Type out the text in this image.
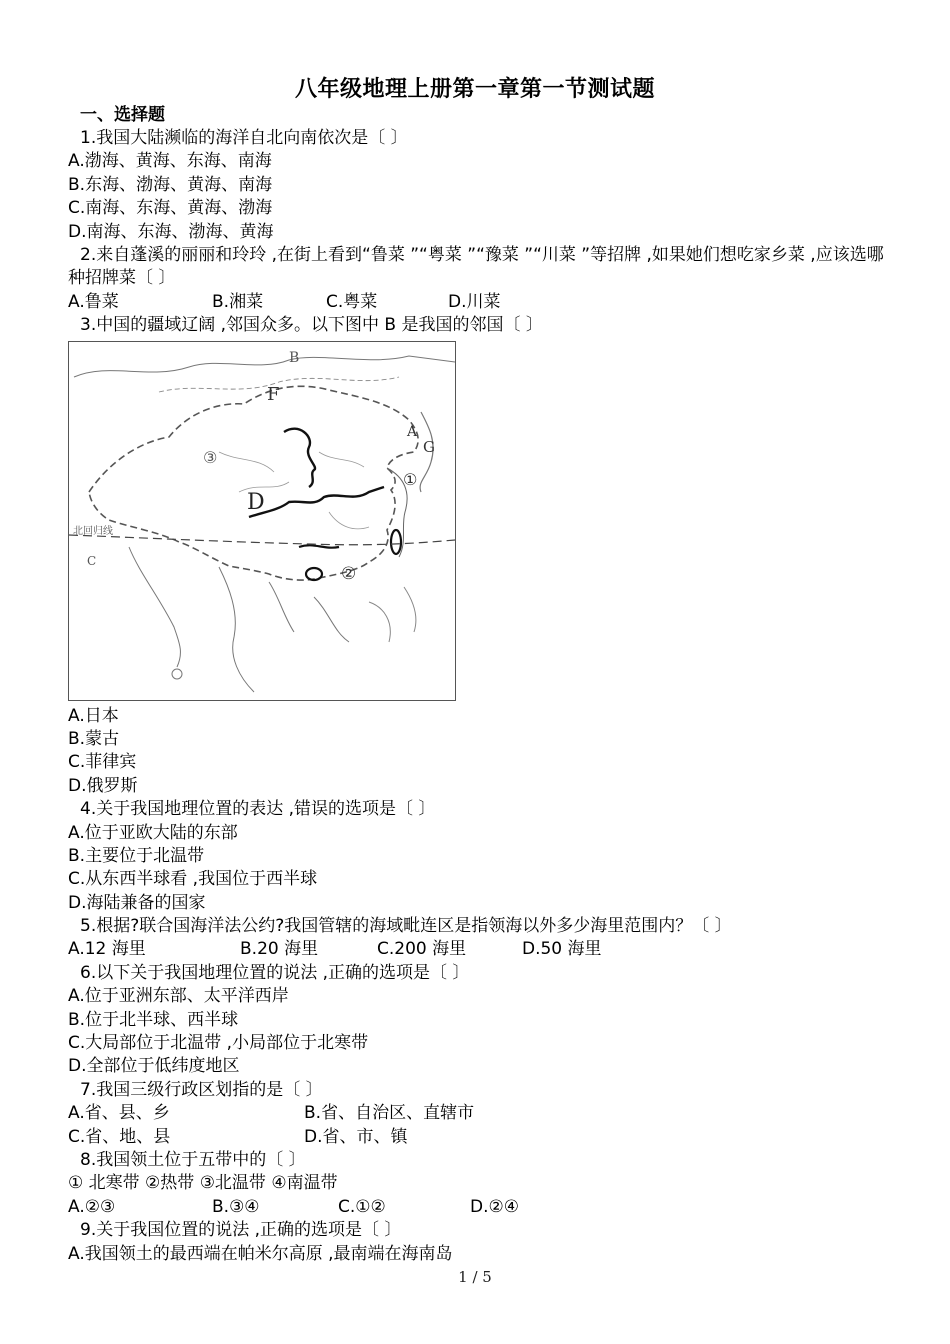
八年级地理上册第一章第一节测试题
一、选择题
1.我国大陆濒临的海洋自北向南依次是〔 〕
A.渤海、黄海、东海、南海
B.东海、渤海、黄海、南海
C.南海、东海、黄海、渤海
D.南海、东海、渤海、黄海
2.来自蓬溪的丽丽和玲玲 ,在街上看到“鲁菜 ”“粤菜 ”“豫菜 ”“川菜 ”等招牌 ,如果她们想吃家乡菜 ,应该选哪种招牌菜〔 〕
A.鲁菜	B.湘菜	C.粤菜	D.川菜
3.中国的疆域辽阔 ,邻国众多。以下图中 B 是我国的邻国〔 〕
B
F
A
G
D
①
②
③
C
北回归线
A.日本
B.蒙古
C.菲律宾
D.俄罗斯
4.关于我国地理位置的表达 ,错误的选项是〔 〕
A.位于亚欧大陆的东部
B.主要位于北温带
C.从东西半球看 ,我国位于西半球
D.海陆兼备的国家
5.根据?联合国海洋法公约?我国管辖的海域毗连区是指领海以外多少海里范围内？〔 〕
A.12 海里	B.20 海里	C.200 海里	D.50 海里
6.以下关于我国地理位置的说法 ,正确的选项是〔 〕
A.位于亚洲东部、太平洋西岸
B.位于北半球、西半球
C.大局部位于北温带 ,小局部位于北寒带
D.全部位于低纬度地区
7.我国三级行政区划指的是〔 〕
A.省、县、乡	B.省、自治区、直辖市
C.省、地、县	D.省、市、镇
8.我国领土位于五带中的〔 〕
① 北寒带 ②热带 ③北温带 ④南温带
A.②③	B.③④	C.①②	D.②④
9.关于我国位置的说法 ,正确的选项是〔 〕
A.我国领土的最西端在帕米尔高原 ,最南端在海南岛
1 / 5
